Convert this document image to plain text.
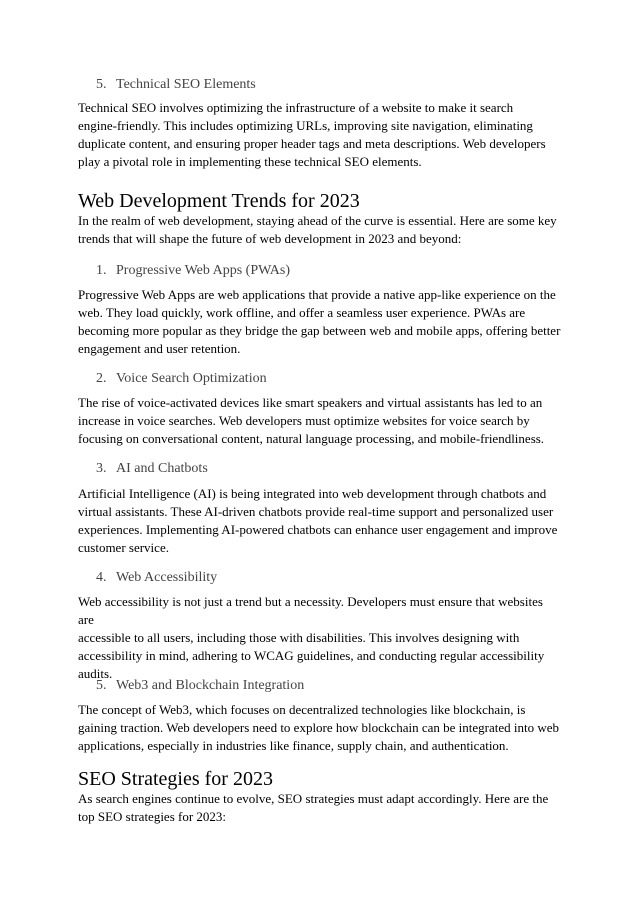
5. Technical SEO Elements
Technical SEO involves optimizing the infrastructure of a website to make it search
engine-friendly. This includes optimizing URLs, improving site navigation, eliminating
duplicate content, and ensuring proper header tags and meta descriptions. Web developers
play a pivotal role in implementing these technical SEO elements.
Web Development Trends for 2023
In the realm of web development, staying ahead of the curve is essential. Here are some key
trends that will shape the future of web development in 2023 and beyond:
1. Progressive Web Apps (PWAs)
Progressive Web Apps are web applications that provide a native app-like experience on the
web. They load quickly, work offline, and offer a seamless user experience. PWAs are
becoming more popular as they bridge the gap between web and mobile apps, offering better
engagement and user retention.
2. Voice Search Optimization
The rise of voice-activated devices like smart speakers and virtual assistants has led to an
increase in voice searches. Web developers must optimize websites for voice search by
focusing on conversational content, natural language processing, and mobile-friendliness.
3. AI and Chatbots
Artificial Intelligence (AI) is being integrated into web development through chatbots and
virtual assistants. These AI-driven chatbots provide real-time support and personalized user
experiences. Implementing AI-powered chatbots can enhance user engagement and improve
customer service.
4. Web Accessibility
Web accessibility is not just a trend but a necessity. Developers must ensure that websites are
accessible to all users, including those with disabilities. This involves designing with
accessibility in mind, adhering to WCAG guidelines, and conducting regular accessibility
audits.
5. Web3 and Blockchain Integration
The concept of Web3, which focuses on decentralized technologies like blockchain, is
gaining traction. Web developers need to explore how blockchain can be integrated into web
applications, especially in industries like finance, supply chain, and authentication.
SEO Strategies for 2023
As search engines continue to evolve, SEO strategies must adapt accordingly. Here are the
top SEO strategies for 2023:
